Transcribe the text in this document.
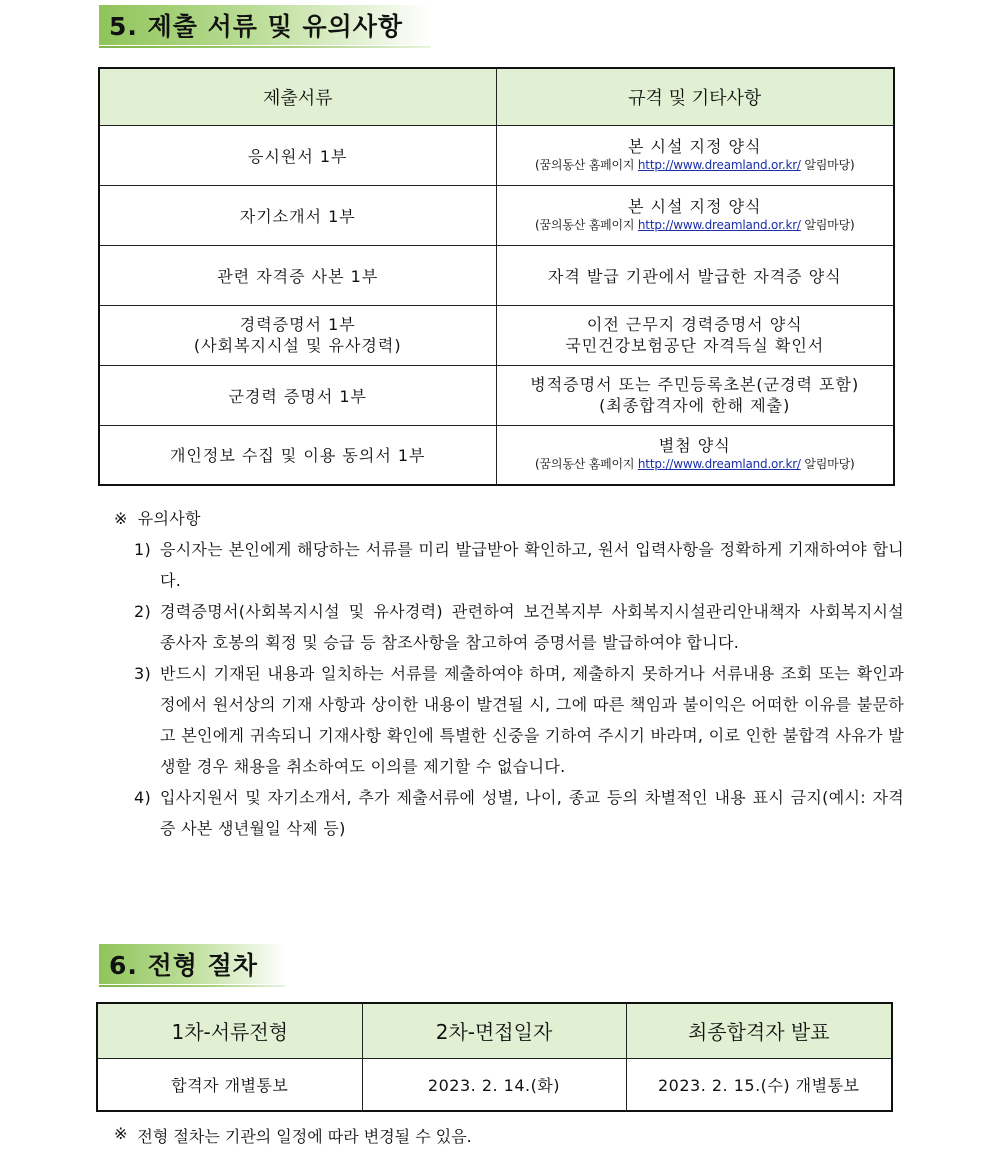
5. 제출 서류 및 유의사항
제출서류	규격 및 기타사항
응시원서 1부	본 시설 지정 양식
(꿈의동산 홈페이지 http://www.dreamland.or.kr/ 알림마당)

자기소개서 1부	본 시설 지정 양식
(꿈의동산 홈페이지 http://www.dreamland.or.kr/ 알림마당)

관련 자격증 사본 1부	자격 발급 기관에서 발급한 자격증 양식

경력증명서 1부
(사회복지시설 및 유사경력)	이전 근무지 경력증명서 양식
국민건강보험공단 자격득실 확인서

군경력 증명서 1부	병적증명서 또는 주민등록초본(군경력 포함)
(최종합격자에 한해 제출)

개인정보 수집 및 이용 동의서 1부	별첨 양식
(꿈의동산 홈페이지 http://www.dreamland.or.kr/ 알림마당)
※ 유의사항
1) 응시자는 본인에게 해당하는 서류를 미리 발급받아 확인하고, 원서 입력사항을 정확하게 기재하여야 합니다.
2) 경력증명서(사회복지시설 및 유사경력) 관련하여 보건복지부 사회복지시설관리안내책자 사회복지시설 종사자 호봉의 획정 및 승급 등 참조사항을 참고하여 증명서를 발급하여야 합니다.
3) 반드시 기재된 내용과 일치하는 서류를 제출하여야 하며, 제출하지 못하거나 서류내용 조회 또는 확인과정에서 원서상의 기재 사항과 상이한 내용이 발견될 시, 그에 따른 책임과 불이익은 어떠한 이유를 불문하고 본인에게 귀속되니 기재사항 확인에 특별한 신중을 기하여 주시기 바라며, 이로 인한 불합격 사유가 발생할 경우 채용을 취소하여도 이의를 제기할 수 없습니다.
4) 입사지원서 및 자기소개서, 추가 제출서류에 성별, 나이, 종교 등의 차별적인 내용 표시 금지(예시: 자격증 사본 생년월일 삭제 등)
6. 전형 절차
1차-서류전형	2차-면접일자	최종합격자 발표
합격자 개별통보	2023. 2. 14.(화)	2023. 2. 15.(수) 개별통보
※ 전형 절차는 기관의 일정에 따라 변경될 수 있음.
